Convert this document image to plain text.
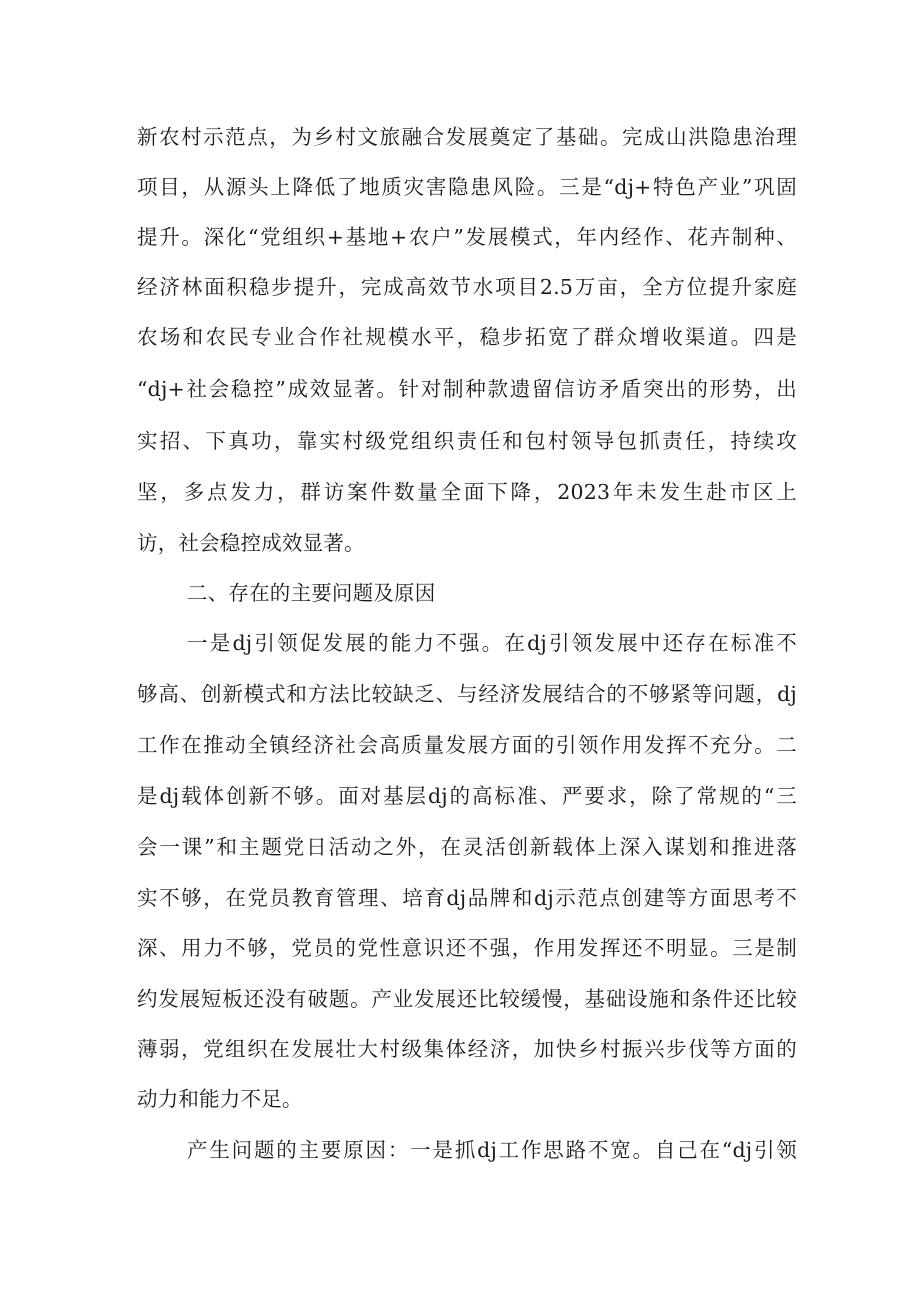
新农村示范点，为乡村文旅融合发展奠定了基础。完成山洪隐患治理
项目，从源头上降低了地质灾害隐患风险。三是“dj+特色产业”巩固
提升。深化“党组织+基地+农户”发展模式，年内经作、花卉制种、
经济林面积稳步提升，完成高效节水项目2.5万亩，全方位提升家庭
农场和农民专业合作社规模水平，稳步拓宽了群众增收渠道。四是
“dj+社会稳控”成效显著。针对制种款遗留信访矛盾突出的形势，出
实招、下真功，靠实村级党组织责任和包村领导包抓责任，持续攻
坚，多点发力，群访案件数量全面下降，2023年未发生赴市区上
访，社会稳控成效显著。
二、存在的主要问题及原因
一是dj引领促发展的能力不强。在dj引领发展中还存在标准不
够高、创新模式和方法比较缺乏、与经济发展结合的不够紧等问题，dj
工作在推动全镇经济社会高质量发展方面的引领作用发挥不充分。二
是dj载体创新不够。面对基层dj的高标准、严要求，除了常规的“三
会一课”和主题党日活动之外，在灵活创新载体上深入谋划和推进落
实不够，在党员教育管理、培育dj品牌和dj示范点创建等方面思考不
深、用力不够，党员的党性意识还不强，作用发挥还不明显。三是制
约发展短板还没有破题。产业发展还比较缓慢，基础设施和条件还比较
薄弱，党组织在发展壮大村级集体经济，加快乡村振兴步伐等方面的
动力和能力不足。
产生问题的主要原因：一是抓dj工作思路不宽。自己在“dj引领
